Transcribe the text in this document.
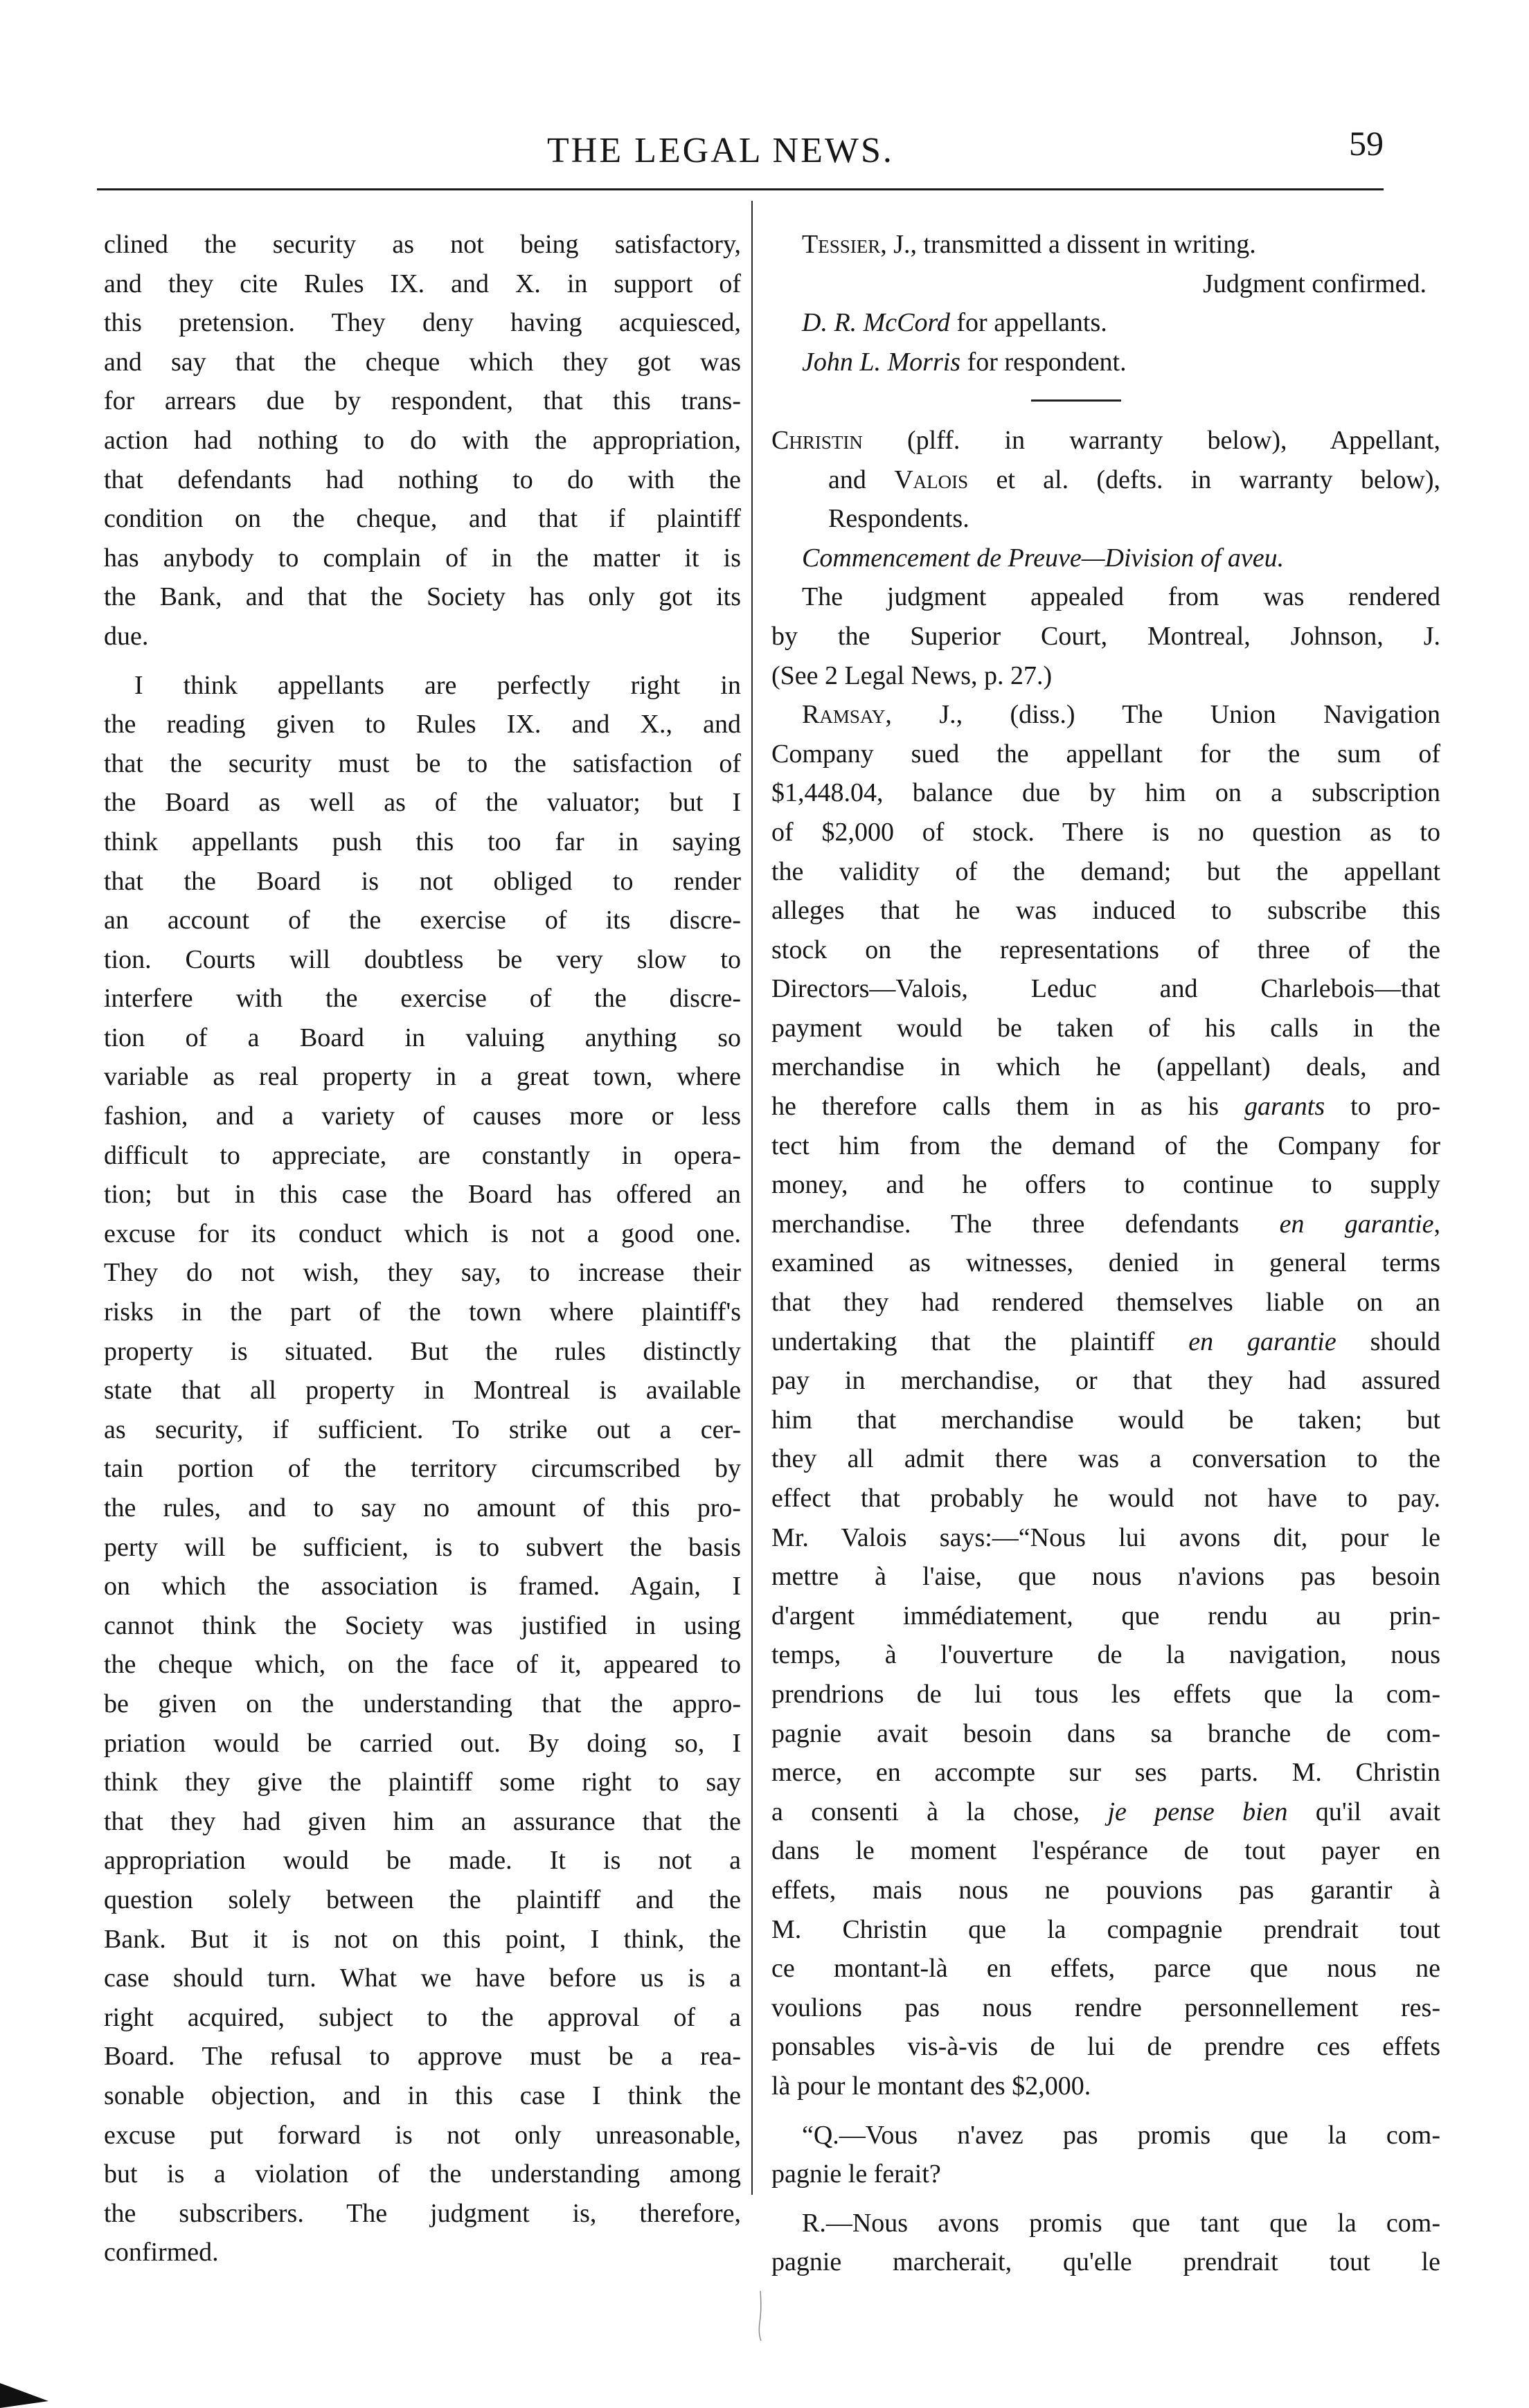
THE LEGAL NEWS.	59
clined the security as not being satisfactory,
and they cite Rules IX. and X. in support of
this pretension. They deny having acquiesced,
and say that the cheque which they got was
for arrears due by respondent, that this trans-
action had nothing to do with the appropriation,
that defendants had nothing to do with the
condition on the cheque, and that if plaintiff
has anybody to complain of in the matter it is
the Bank, and that the Society has only got its
due.
I think appellants are perfectly right in
the reading given to Rules IX. and X., and
that the security must be to the satisfaction of
the Board as well as of the valuator; but I
think appellants push this too far in saying
that the Board is not obliged to render
an account of the exercise of its discre-
tion. Courts will doubtless be very slow to
interfere with the exercise of the discre-
tion of a Board in valuing anything so
variable as real property in a great town, where
fashion, and a variety of causes more or less
difficult to appreciate, are constantly in opera-
tion; but in this case the Board has offered an
excuse for its conduct which is not a good one.
They do not wish, they say, to increase their
risks in the part of the town where plaintiff's
property is situated. But the rules distinctly
state that all property in Montreal is available
as security, if sufficient. To strike out a cer-
tain portion of the territory circumscribed by
the rules, and to say no amount of this pro-
perty will be sufficient, is to subvert the basis
on which the association is framed. Again, I
cannot think the Society was justified in using
the cheque which, on the face of it, appeared to
be given on the understanding that the appro-
priation would be carried out. By doing so, I
think they give the plaintiff some right to say
that they had given him an assurance that the
appropriation would be made. It is not a
question solely between the plaintiff and the
Bank. But it is not on this point, I think, the
case should turn. What we have before us is a
right acquired, subject to the approval of a
Board. The refusal to approve must be a rea-
sonable objection, and in this case I think the
excuse put forward is not only unreasonable,
but is a violation of the understanding among
the subscribers. The judgment is, therefore,
confirmed.
Tessier, J., transmitted a dissent in writing.
Judgment confirmed.
D. R. McCord for appellants.
John L. Morris for respondent.
Christin (plff. in warranty below), Appellant,
and Valois et al. (defts. in warranty below),
Respondents.
Commencement de Preuve—Division of aveu.
The judgment appealed from was rendered
by the Superior Court, Montreal, Johnson, J.
(See 2 Legal News, p. 27.)
Ramsay, J., (diss.) The Union Navigation
Company sued the appellant for the sum of
$1,448.04, balance due by him on a subscription
of $2,000 of stock. There is no question as to
the validity of the demand; but the appellant
alleges that he was induced to subscribe this
stock on the representations of three of the
Directors—Valois, Leduc and Charlebois—that
payment would be taken of his calls in the
merchandise in which he (appellant) deals, and
he therefore calls them in as his garants to pro-
tect him from the demand of the Company for
money, and he offers to continue to supply
merchandise. The three defendants en garantie,
examined as witnesses, denied in general terms
that they had rendered themselves liable on an
undertaking that the plaintiff en garantie should
pay in merchandise, or that they had assured
him that merchandise would be taken; but
they all admit there was a conversation to the
effect that probably he would not have to pay.
Mr. Valois says:—“Nous lui avons dit, pour le
mettre à l'aise, que nous n'avions pas besoin
d'argent immédiatement, que rendu au prin-
temps, à l'ouverture de la navigation, nous
prendrions de lui tous les effets que la com-
pagnie avait besoin dans sa branche de com-
merce, en accompte sur ses parts. M. Christin
a consenti à la chose, je pense bien qu'il avait
dans le moment l'espérance de tout payer en
effets, mais nous ne pouvions pas garantir à
M. Christin que la compagnie prendrait tout
ce montant-là en effets, parce que nous ne
voulions pas nous rendre personnellement res-
ponsables vis-à-vis de lui de prendre ces effets
là pour le montant des $2,000.
“Q.—Vous n'avez pas promis que la com-
pagnie le ferait?
R.—Nous avons promis que tant que la com-
pagnie marcherait, qu'elle prendrait tout le
